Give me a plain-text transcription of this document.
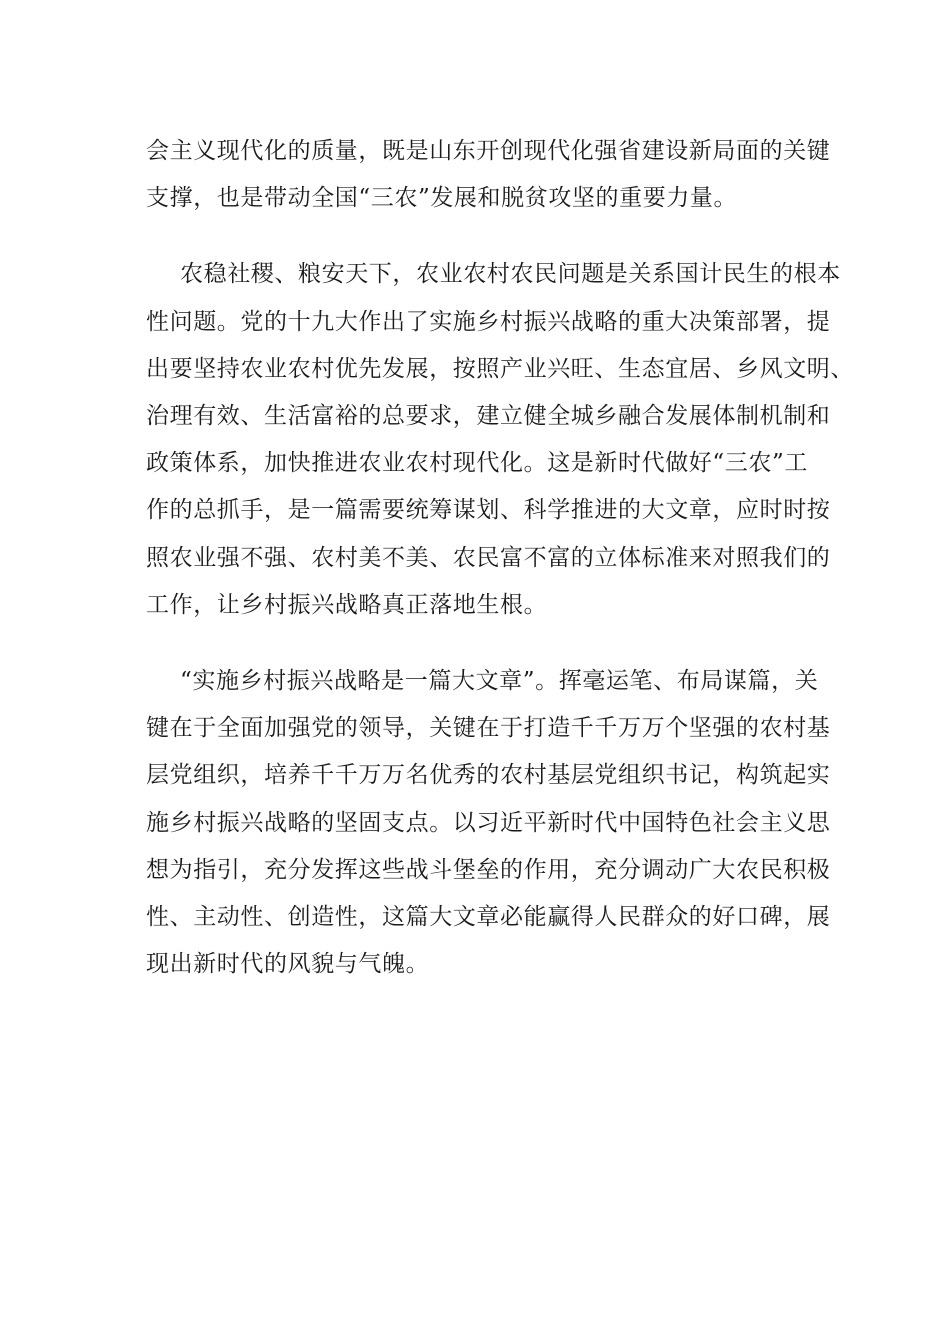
会主义现代化的质量，既是山东开创现代化强省建设新局面的关键
支撑，也是带动全国“三农”发展和脱贫攻坚的重要力量。
农稳社稷、粮安天下，农业农村农民问题是关系国计民生的根本
性问题。党的十九大作出了实施乡村振兴战略的重大决策部署，提
出要坚持农业农村优先发展，按照产业兴旺、生态宜居、乡风文明、
治理有效、生活富裕的总要求，建立健全城乡融合发展体制机制和
政策体系，加快推进农业农村现代化。这是新时代做好“三农”工
作的总抓手，是一篇需要统筹谋划、科学推进的大文章，应时时按
照农业强不强、农村美不美、农民富不富的立体标准来对照我们的
工作，让乡村振兴战略真正落地生根。
“实施乡村振兴战略是一篇大文章”。挥毫运笔、布局谋篇，关
键在于全面加强党的领导，关键在于打造千千万万个坚强的农村基
层党组织，培养千千万万名优秀的农村基层党组织书记，构筑起实
施乡村振兴战略的坚固支点。以习近平新时代中国特色社会主义思
想为指引，充分发挥这些战斗堡垒的作用，充分调动广大农民积极
性、主动性、创造性，这篇大文章必能赢得人民群众的好口碑，展
现出新时代的风貌与气魄。
